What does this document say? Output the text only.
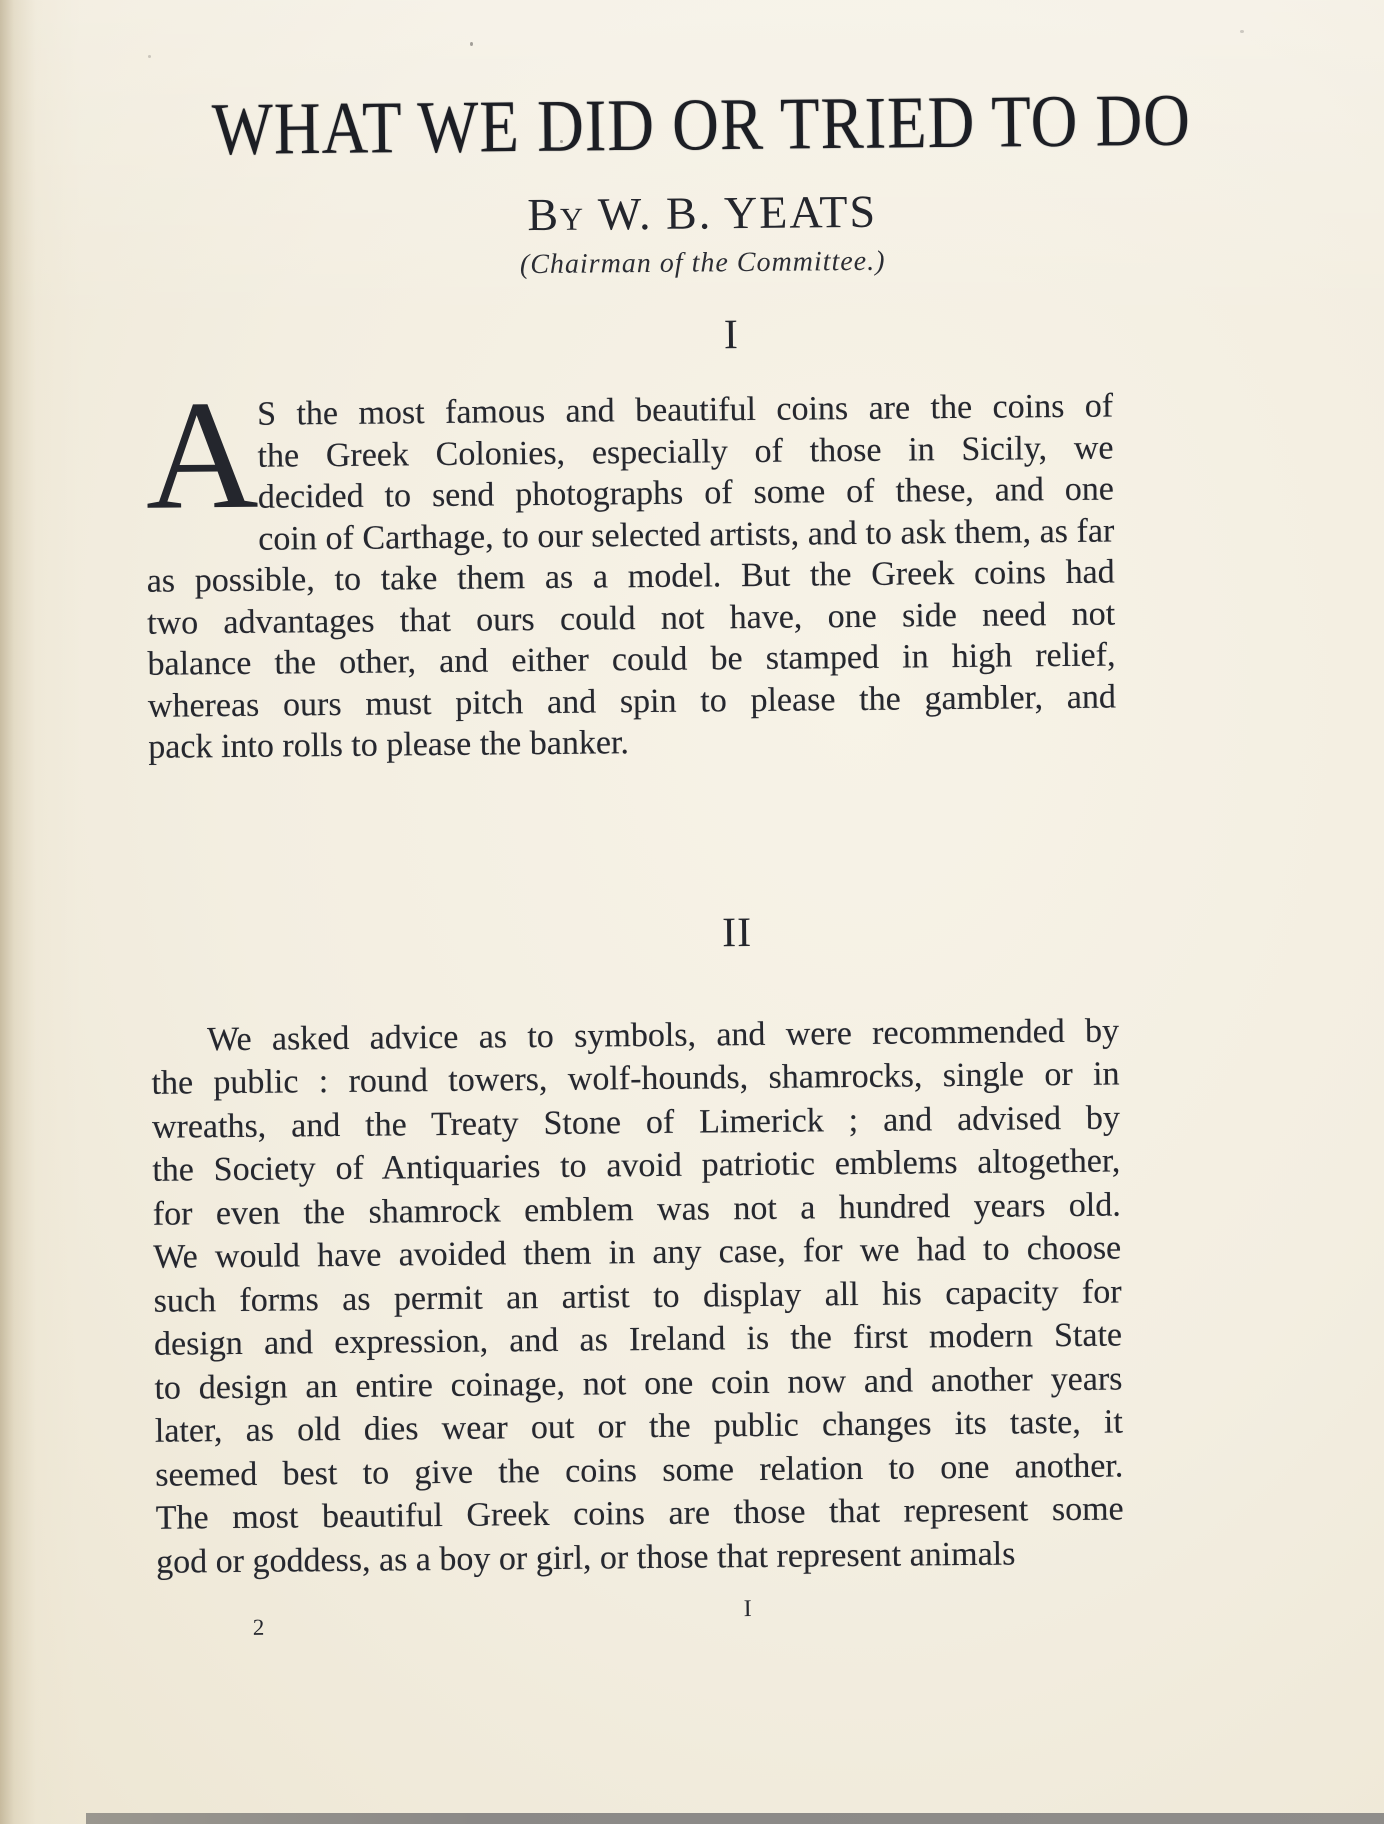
WHAT WE DID OR TRIED TO DO
By W. B. YEATS
(Chairman of the Committee.)
I
A
S the most famous and beautiful coins are the coins of
the Greek Colonies, especially of those in Sicily, we
decided to send photographs of some of these, and one
coin of Carthage, to our selected artists, and to ask them, as far
as possible, to take them as a model. But the Greek coins had
two advantages that ours could not have, one side need not
balance the other, and either could be stamped in high relief,
whereas ours must pitch and spin to please the gambler, and
pack into rolls to please the banker.
II
We asked advice as to symbols, and were recommended by
the public : round towers, wolf-hounds, shamrocks, single or in
wreaths, and the Treaty Stone of Limerick ; and advised by
the Society of Antiquaries to avoid patriotic emblems altogether,
for even the shamrock emblem was not a hundred years old.
We would have avoided them in any case, for we had to choose
such forms as permit an artist to display all his capacity for
design and expression, and as Ireland is the first modern State
to design an entire coinage, not one coin now and another years
later, as old dies wear out or the public changes its taste, it
seemed best to give the coins some relation to one another.
The most beautiful Greek coins are those that represent some
god or goddess, as a boy or girl, or those that represent animals
2
I
